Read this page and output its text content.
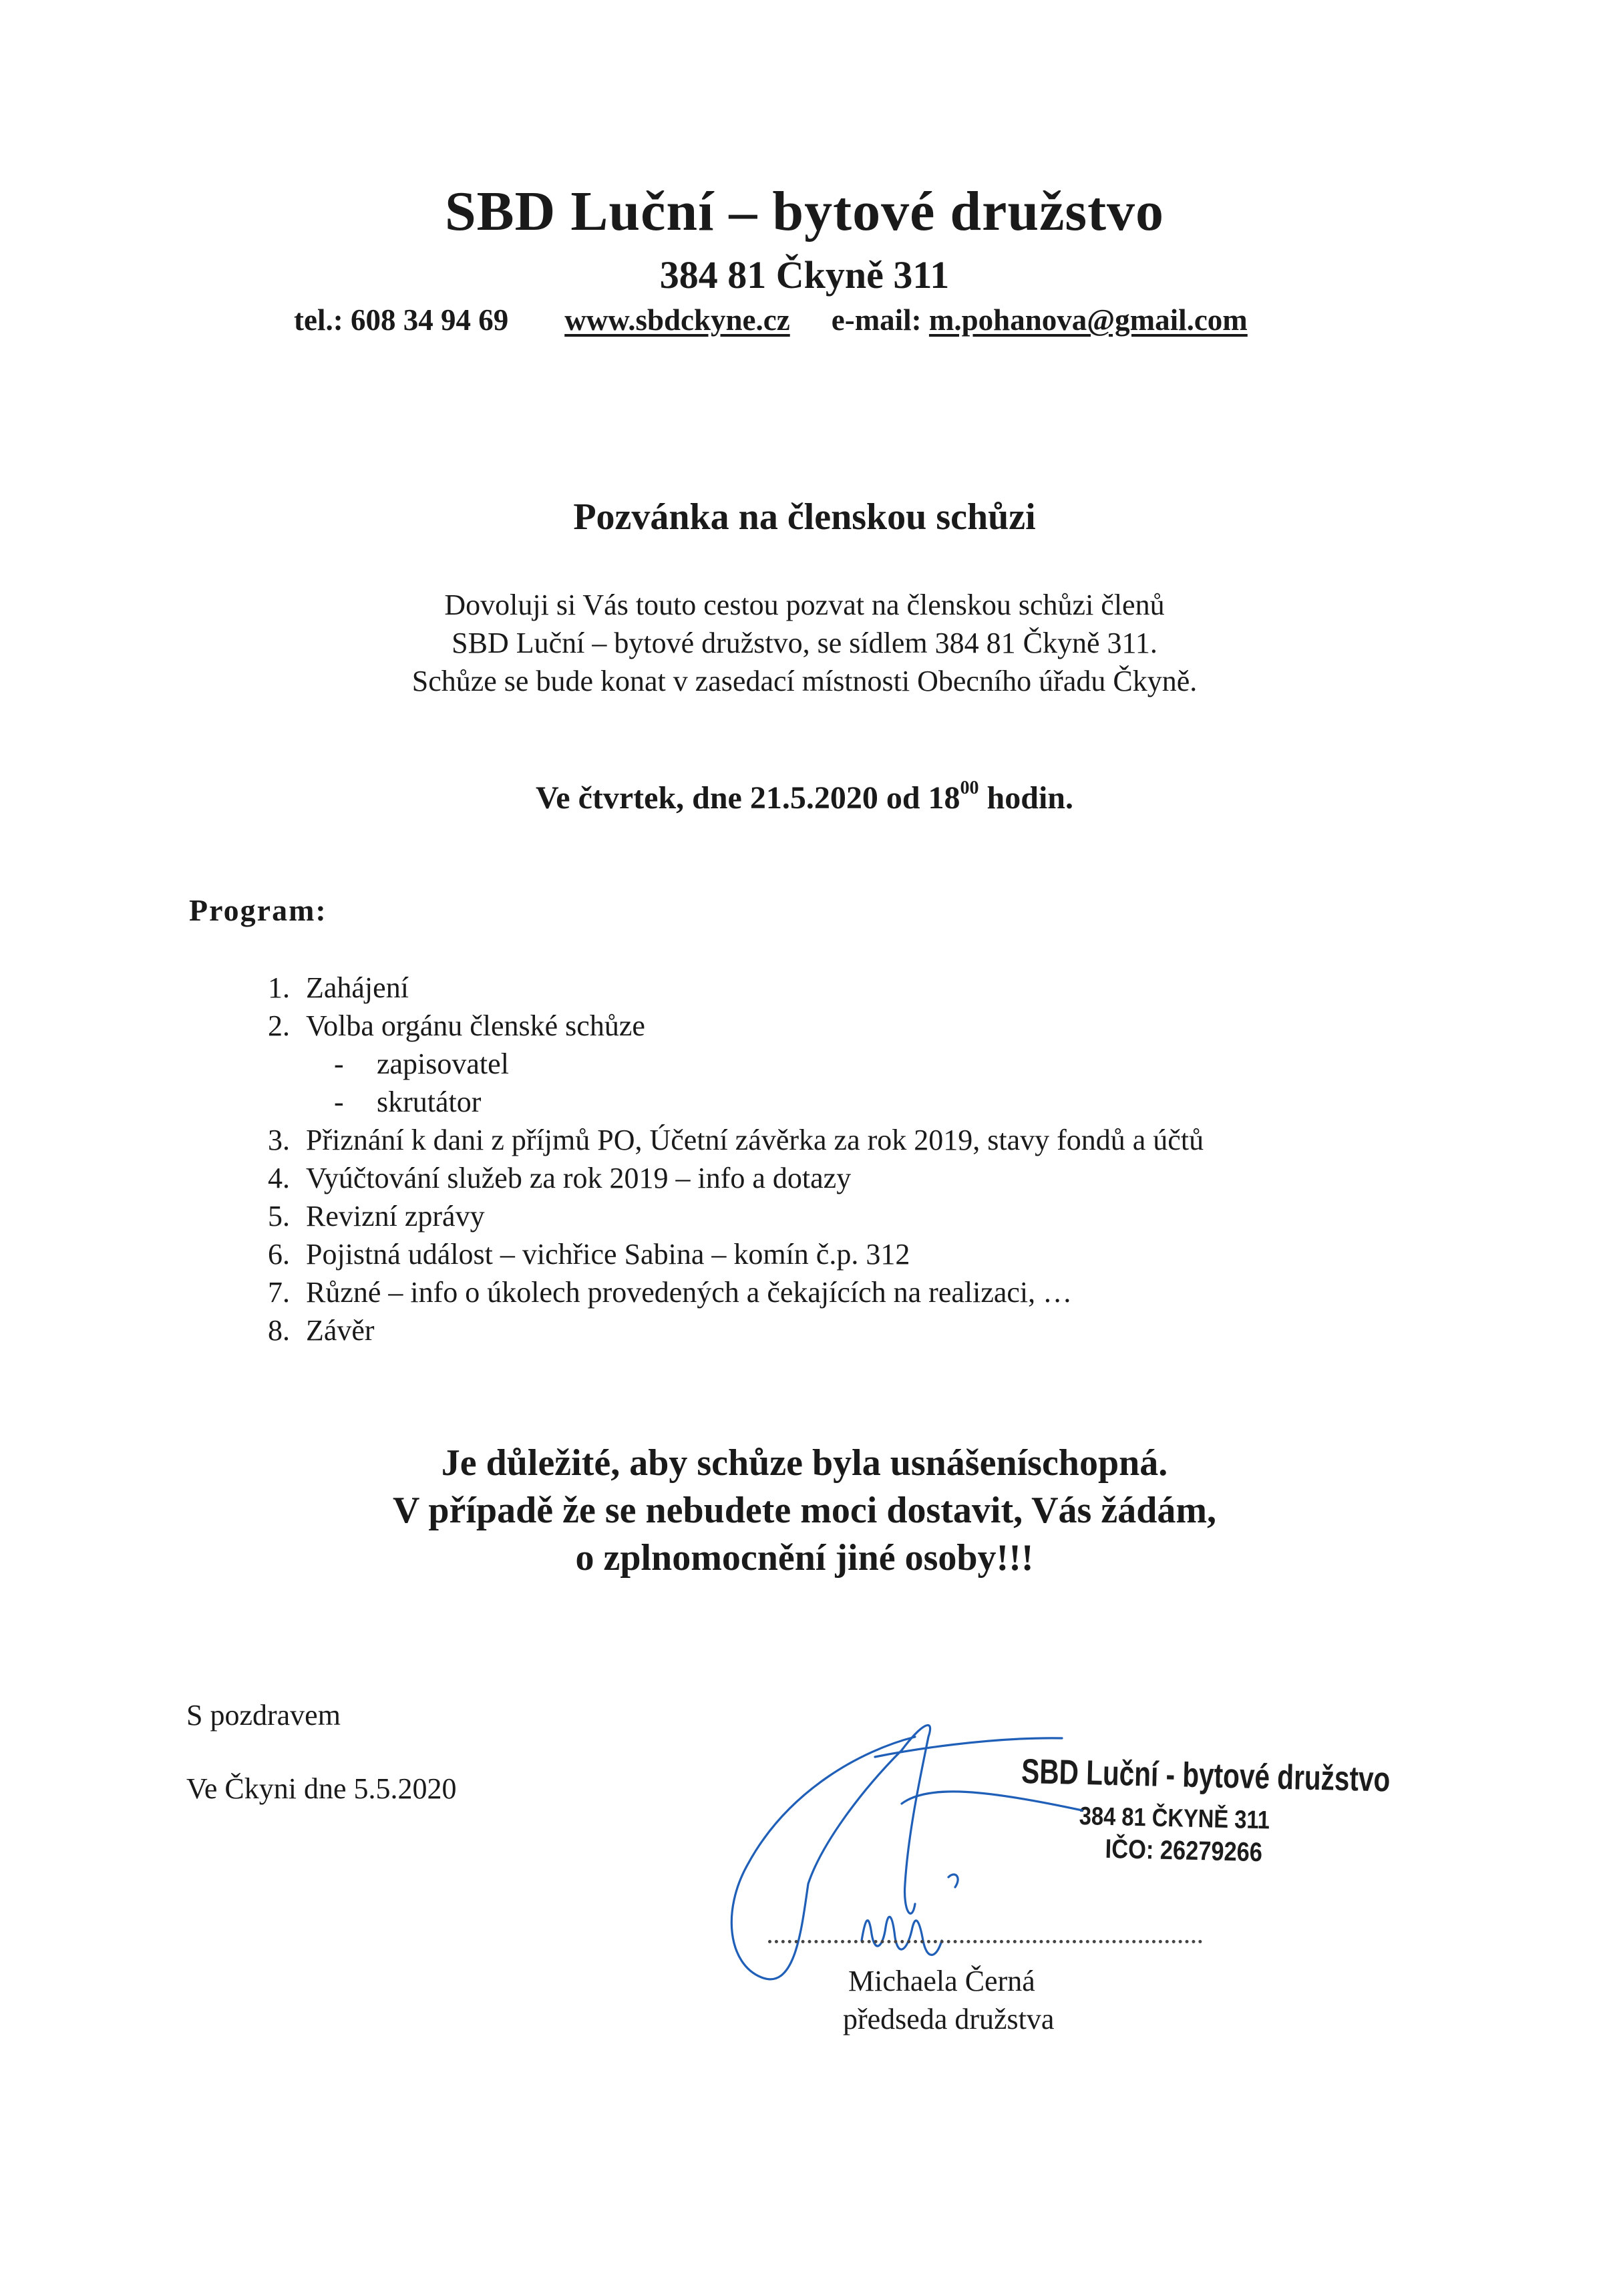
SBD Luční – bytové družstvo
384 81 Čkyně 311
tel.: 608 34 94 69 www.sbdckyne.cz e-mail: m.pohanova@gmail.com
Pozvánka na členskou schůzi
Dovoluji si Vás touto cestou pozvat na členskou schůzi členů
SBD Luční – bytové družstvo, se sídlem 384 81 Čkyně 311.
Schůze se bude konat v zasedací místnosti Obecního úřadu Čkyně.
Ve čtvrtek, dne 21.5.2020 od $18^{00}$ hodin.
Program:
1. Zahájení
2. Volba orgánu členské schůze
-	zapisovatel
-	skrutátor
3. Přiznání k dani z příjmů PO, Účetní závěrka za rok 2019, stavy fondů a účtů
4. Vyúčtování služeb za rok 2019 – info a dotazy
5. Revizní zprávy
6. Pojistná událost – vichřice Sabina – komín č.p. 312
7. Různé – info o úkolech provedených a čekajících na realizaci, …
8. Závěr
Je důležité, aby schůze byla usnášeníschopná.
V případě že se nebudete moci dostavit, Vás žádám,
o zplnomocnění jiné osoby!!!
S pozdravem
Ve Čkyni dne 5.5.2020	SBD Luční - bytové družstvo
384 81 ČKYNĚ 311
IČO: 26279266
Michaela Černá
předseda družstva
